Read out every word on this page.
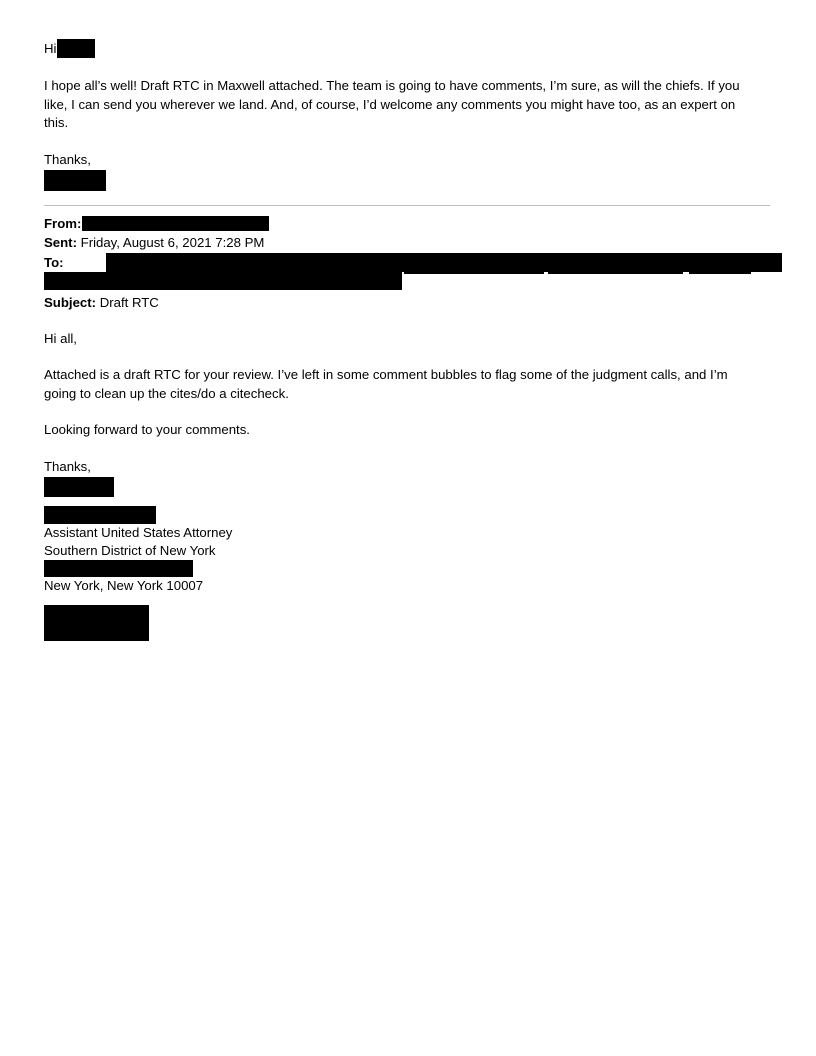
Hi
I hope all’s well! Draft RTC in Maxwell attached. The team is going to have comments, I’m sure, as will the chiefs. If you like, I can send you wherever we land. And, of course, I’d welcome any comments you might have too, as an expert on this.
Thanks,
From:
Sent: Friday, August 6, 2021 7:28 PM
To:
Subject: Draft RTC
Hi all,
Attached is a draft RTC for your review. I’ve left in some comment bubbles to flag some of the judgment calls, and I’m going to clean up the cites/do a citecheck.
Looking forward to your comments.
Thanks,
Assistant United States Attorney
Southern District of New York
New York, New York 10007
